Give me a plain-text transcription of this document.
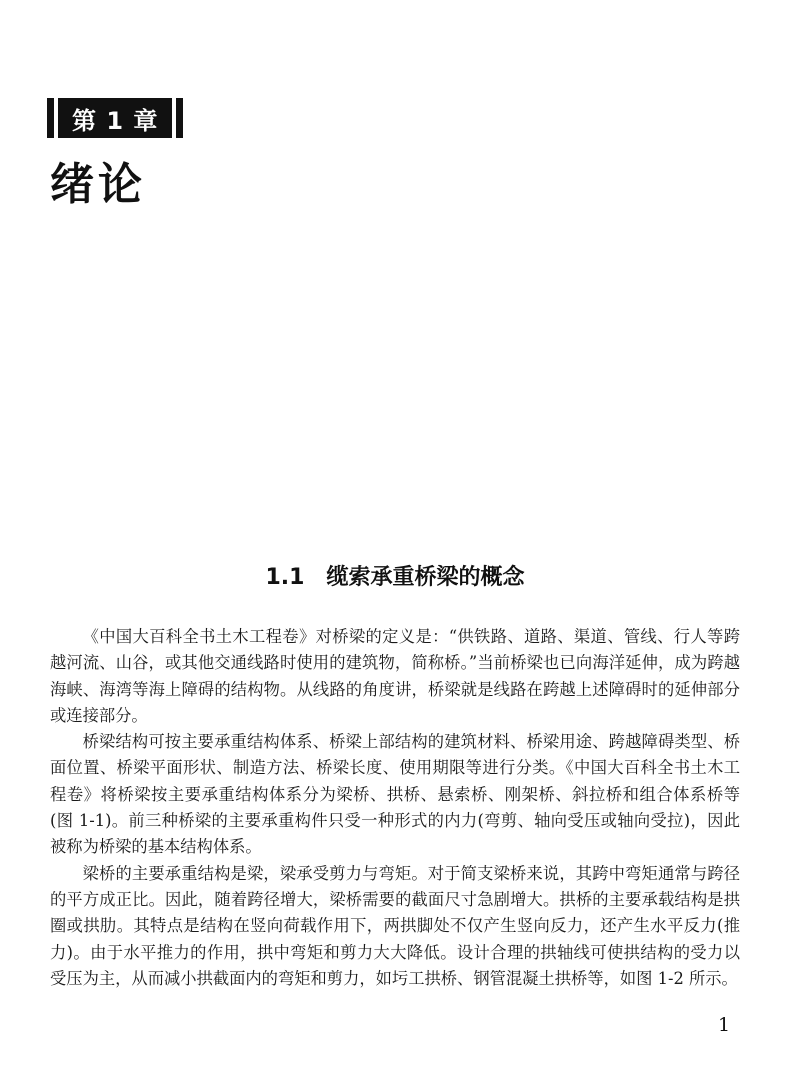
第 1 章
绪论
1.1 缆索承重桥梁的概念

《中国大百科全书土木工程卷》对桥梁的定义是：“供铁路、道路、渠道、管线、行人等跨越河流、山谷，或其他交通线路时使用的建筑物，简称桥。”当前桥梁也已向海洋延伸，成为跨越海峡、海湾等海上障碍的结构物。从线路的角度讲，桥梁就是线路在跨越上述障碍时的延伸部分或连接部分。

桥梁结构可按主要承重结构体系、桥梁上部结构的建筑材料、桥梁用途、跨越障碍类型、桥面位置、桥梁平面形状、制造方法、桥梁长度、使用期限等进行分类。《中国大百科全书土木工程卷》将桥梁按主要承重结构体系分为梁桥、拱桥、悬索桥、刚架桥、斜拉桥和组合体系桥等(图 1-1)。前三种桥梁的主要承重构件只受一种形式的内力(弯剪、轴向受压或轴向受拉)，因此被称为桥梁的基本结构体系。

梁桥的主要承重结构是梁，梁承受剪力与弯矩。对于简支梁桥来说，其跨中弯矩通常与跨径的平方成正比。因此，随着跨径增大，梁桥需要的截面尺寸急剧增大。拱桥的主要承载结构是拱圈或拱肋。其特点是结构在竖向荷载作用下，两拱脚处不仅产生竖向反力，还产生水平反力(推力)。由于水平推力的作用，拱中弯矩和剪力大大降低。设计合理的拱轴线可使拱结构的受力以受压为主，从而减小拱截面内的弯矩和剪力，如圬工拱桥、钢管混凝土拱桥等，如图 1-2 所示。

1
